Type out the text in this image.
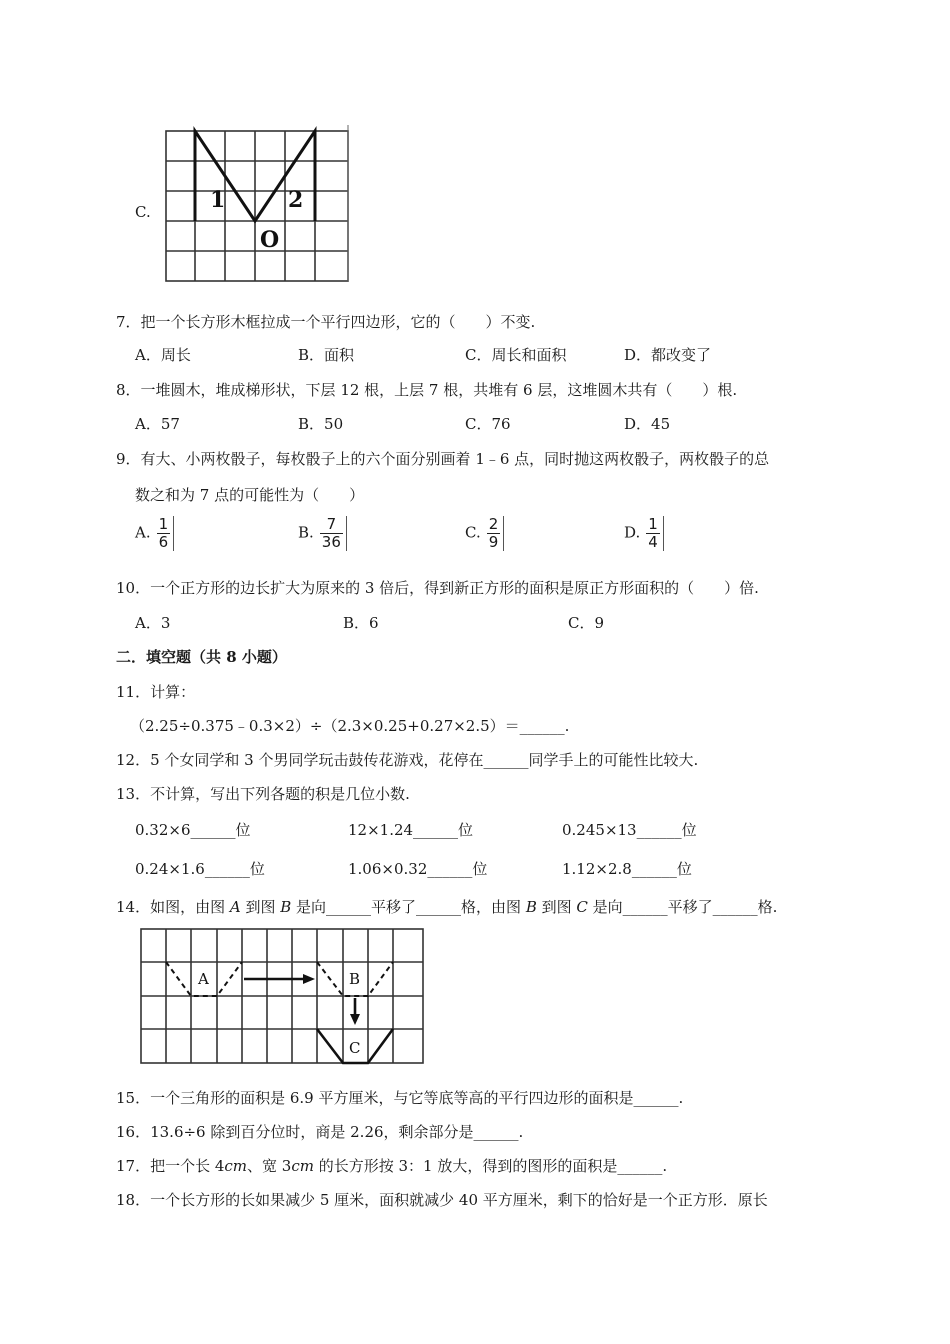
C.	1	2
O
7．把一个长方形木框拉成一个平行四边形，它的（　　）不变.
A．周长	B．面积	C．周长和面积	D．都改变了
8．一堆圆木，堆成梯形状，下层 12 根，上层 7 根，共堆有 6 层，这堆圆木共有（　　）根.
A．57	B．50	C．76	D．45
9．有大、小两枚骰子，每枚骰子上的六个面分别画着 1﹣6 点，同时抛这两枚骰子，两枚骰子的总
数之和为 7 点的可能性为（　　）
A. $\frac{1}{6}$	B. $\frac{7}{36}$	C. $\frac{2}{9}$	D. $\frac{1}{4}$
10．一个正方形的边长扩大为原来的 3 倍后，得到新正方形的面积是原正方形面积的（　　）倍.
A．3	B．6	C．9
二．填空题（共 8 小题）
11．计算：
（2.25÷0.375﹣0.3×2）÷（2.3×0.25+0.27×2.5）＝______.
12．5 个女同学和 3 个男同学玩击鼓传花游戏，花停在______同学手上的可能性比较大.
13．不计算，写出下列各题的积是几位小数.
0.32×6______位	12×1.24______位	0.245×13______位
0.24×1.6______位	1.06×0.32______位	1.12×2.8______位
14．如图，由图 A 到图 B 是向______平移了______格，由图 B 到图 C 是向______平移了______格.
A	B
C
15．一个三角形的面积是 6.9 平方厘米，与它等底等高的平行四边形的面积是______.
16．13.6÷6 除到百分位时，商是 2.26，剩余部分是______.
17．把一个长 4cm、宽 3cm 的长方形按 3：1 放大，得到的图形的面积是______.
18．一个长方形的长如果减少 5 厘米，面积就减少 40 平方厘米，剩下的恰好是一个正方形．原长
